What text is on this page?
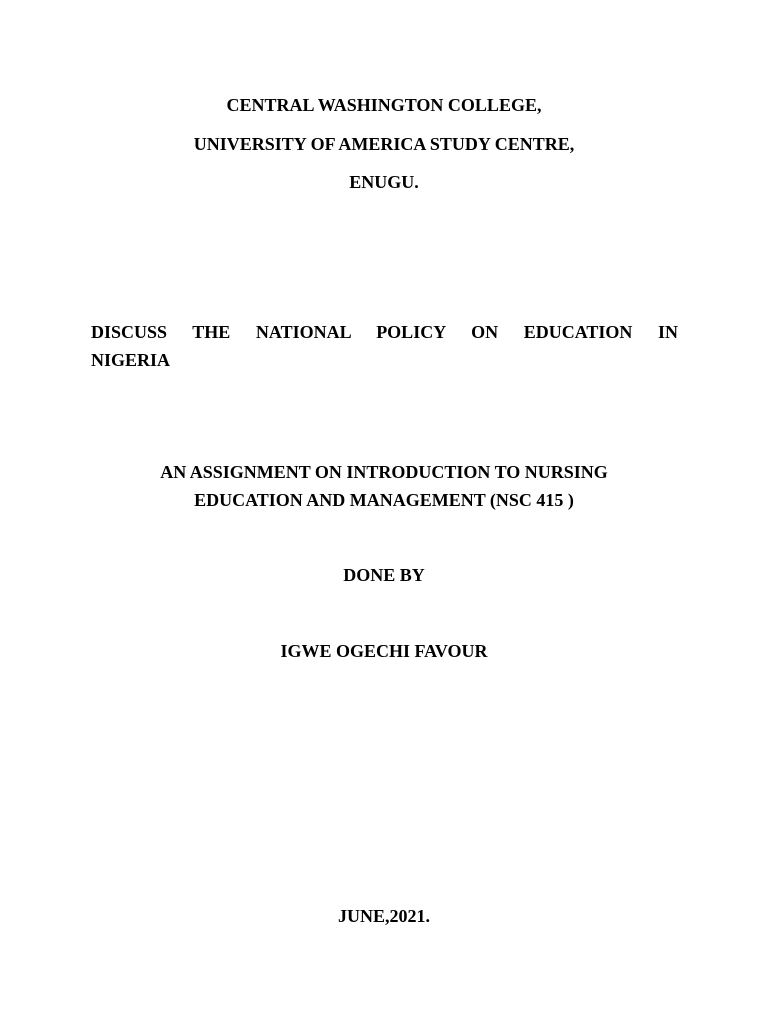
CENTRAL WASHINGTON COLLEGE,
UNIVERSITY OF AMERICA STUDY CENTRE,
ENUGU.
DISCUSS THE NATIONAL POLICY ON EDUCATION IN
NIGERIA
AN ASSIGNMENT ON INTRODUCTION TO NURSING
EDUCATION AND MANAGEMENT (NSC 415 )
DONE BY
IGWE OGECHI FAVOUR
JUNE,2021.
